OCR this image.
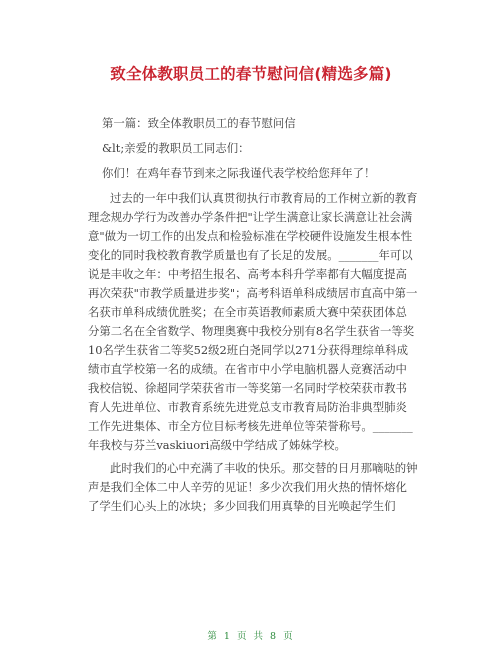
致全体教职员工的春节慰问信(精选多篇)

第一篇：致全体教职员工的春节慰问信

&lt;亲爱的教职员工同志们：

你们！在鸡年春节到来之际我谨代表学校给您拜年了！

过去的一年中我们认真贯彻执行市教育局的工作树立新的教育理念规办学行为改善办学条件把"让学生满意让家长满意让社会满意"做为一切工作的出发点和检验标准在学校硬件设施发生根本性变化的同时我校教育教学质量也有了长足的发展。_______年可以说是丰收之年：中考招生报名、高考本科升学率都有大幅度提高再次荣获"市教学质量进步奖"；高考科语单科成绩居市直高中第一名获市单科成绩优胜奖；在全市英语教师素质大赛中荣获团体总分第二名在全省数学、物理奥赛中我校分别有8名学生获省一等奖10名学生获省二等奖52级2班白尧同学以271分获得理综单科成绩市直学校第一名的成绩。在省市中小学电脑机器人竞赛活动中我校信锐、徐超同学荣获省市一等奖第一名同时学校荣获市教书育人先进单位、市教育系统先进党总支市教育局防治非典型肺炎工作先进集体、市全方位目标考核先进单位等荣誉称号。_______年我校与芬兰vaskiuori高级中学结成了姊妹学校。

此时我们的心中充满了丰收的快乐。那交替的日月那嘀哒的钟声是我们全体二中人辛劳的见证！多少次我们用火热的情怀熔化了学生们心头上的冰块；多少回我们用真挚的目光唤起学生们

第 1 页 共 8 页
